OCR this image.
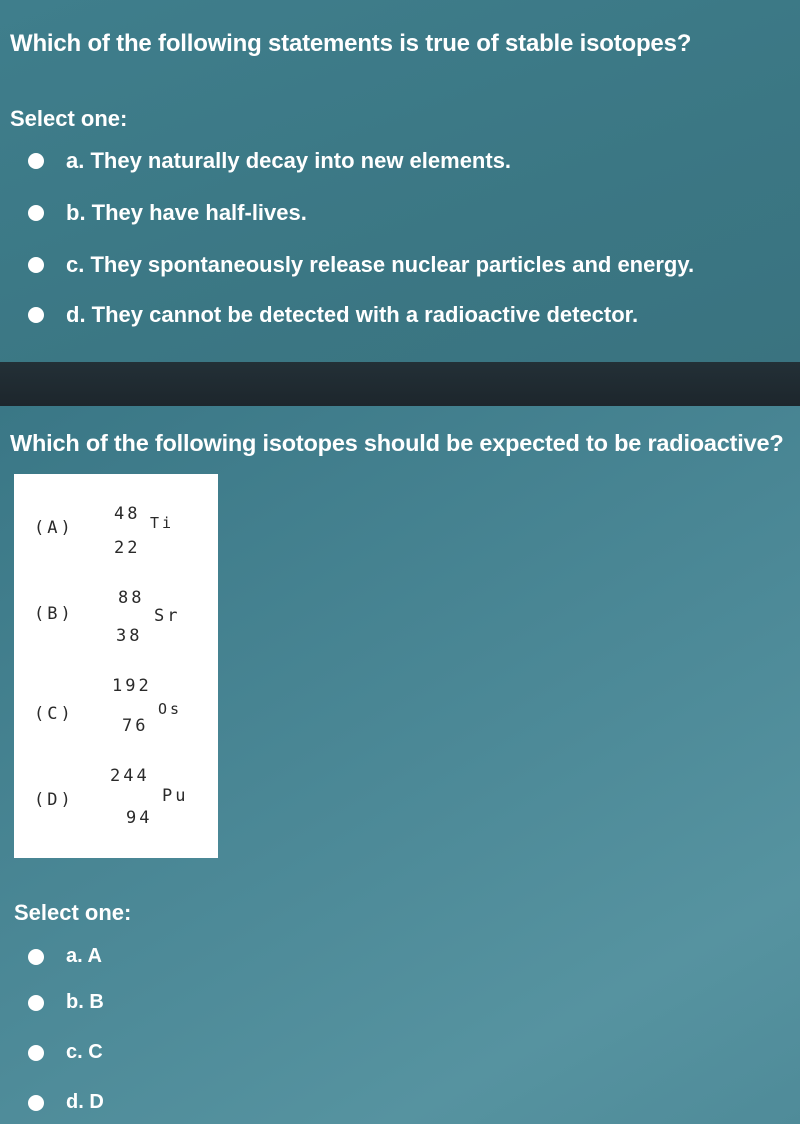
Which of the following statements is true of stable isotopes?
Select one:
a. They naturally decay into new elements.
b. They have half-lives.
c. They spontaneously release nuclear particles and energy.
d. They cannot be detected with a radioactive detector.
Which of the following isotopes should be expected to be radioactive?
(A)
48 Ti
22
(B)
88
Sr
38
(C)
192
76
Os
(D)
244
Pu
94
Select one:
a. A
b. B
c. C
d. D
